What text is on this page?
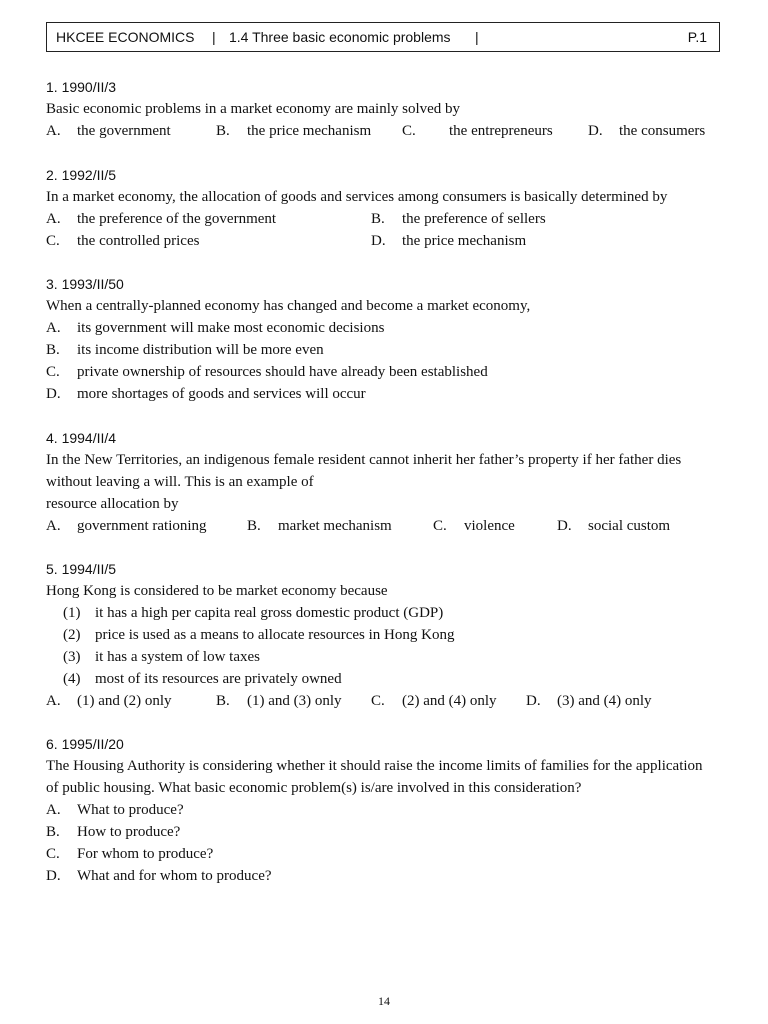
HKCEE ECONOMICS | 1.4 Three basic economic problems |	P.1
1. 1990/II/3
Basic economic problems in a market economy are mainly solved by
A. the government	B. the price mechanism C. the entrepreneurs D. the consumers
2. 1992/II/5
In a market economy, the allocation of goods and services among consumers is basically determined by
A. the preference of the government	B. the preference of sellers
C. the controlled prices	D. the price mechanism
3. 1993/II/50
When a centrally-planned economy has changed and become a market economy,
A. its government will make most economic decisions
B. its income distribution will be more even
C. private ownership of resources should have already been established
D. more shortages of goods and services will occur
4. 1994/II/4
In the New Territories, an indigenous female resident cannot inherit her father’s property if her father dies
without leaving a will. This is an example of
resource allocation by
A. government rationing	B. market mechanism	C. violence	D. social custom
5. 1994/II/5
Hong Kong is considered to be market economy because
(1) it has a high per capita real gross domestic product (GDP)
(2) price is used as a means to allocate resources in Hong Kong
(3) it has a system of low taxes
(4) most of its resources are privately owned
A. (1) and (2) only	B. (1) and (3) only C. (2) and (4) only D. (3) and (4) only
6. 1995/II/20
The Housing Authority is considering whether it should raise the income limits of families for the application
of public housing. What basic economic problem(s) is/are involved in this consideration?
A. What to produce?
B. How to produce?
C. For whom to produce?
D. What and for whom to produce?
14
